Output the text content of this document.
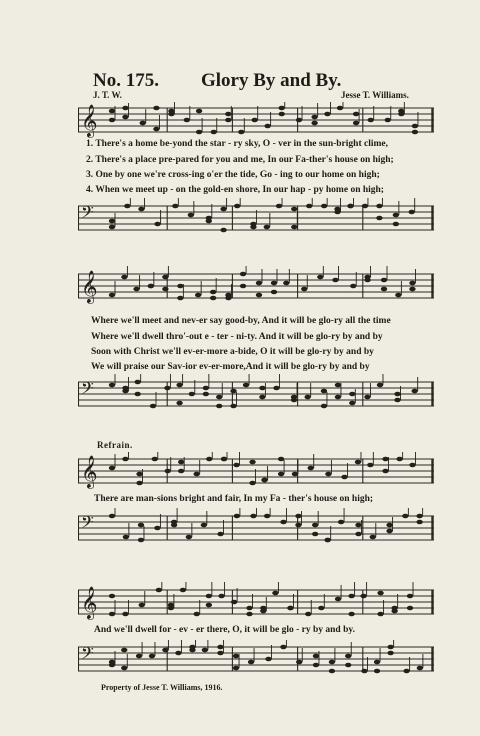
No. 175. Glory By and By.
J. T. W.	Jesse T. Williams.
𝄞
1. There's a home be-yond the star - ry sky, O - ver in the sun-bright clime,
2. There's a place pre-pared for you and me, In our Fa-ther's house on high;
3. One by one we're cross-ing o'er the tide, Go - ing to our home on high;
4. When we meet up - on the gold-en shore, In our hap - py home on high;
𝄢
𝄞
Where we'll meet and nev-er say good-by, And it will be glo-ry all the time
Where we'll dwell thro'-out e - ter - ni-ty. And it will be glo-ry by and by
Soon with Christ we'll ev-er-more a-bide, O it will be glo-ry by and by
We will praise our Sav-ior ev-er-more,And it will be glo-ry by and by
𝄢
Refrain.
𝄞
There are man-sions bright and fair, In my Fa - ther's house on high;
𝄢
𝄞
And we'll dwell for - ev - er there, O, it will be glo - ry by and by.
𝄢
Property of Jesse T. Williams, 1916.
